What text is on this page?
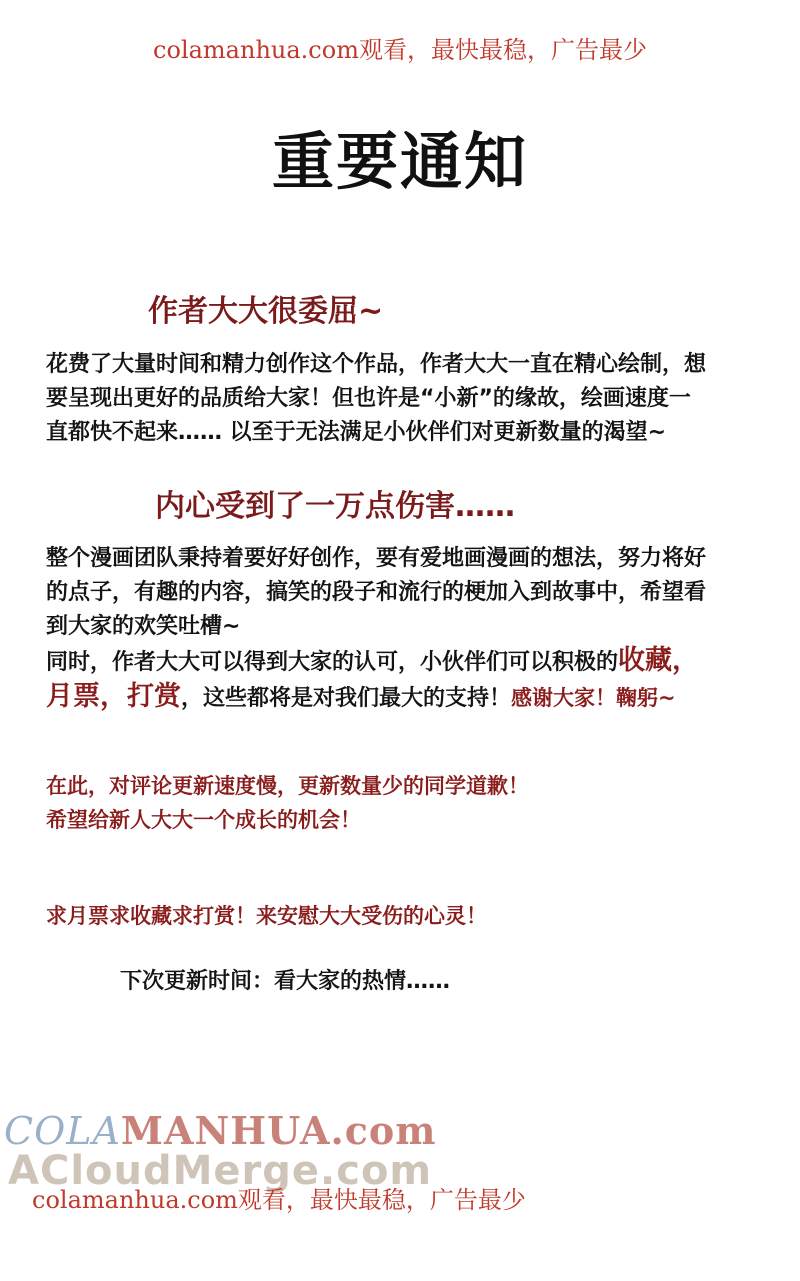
colamanhua.com观看，最快最稳，广告最少
重要通知
作者大大很委屈~
花费了大量时间和精力创作这个作品，作者大大一直在精心绘制，想
要呈现出更好的品质给大家！但也许是“小新”的缘故，绘画速度一
直都快不起来…… 以至于无法满足小伙伴们对更新数量的渴望~
内心受到了一万点伤害……
整个漫画团队秉持着要好好创作，要有爱地画漫画的想法，努力将好
的点子，有趣的内容，搞笑的段子和流行的梗加入到故事中，希望看
到大家的欢笑吐槽~
同时，作者大大可以得到大家的认可，小伙伴们可以积极的收藏，
月票，打赏，这些都将是对我们最大的支持！感谢大家！鞠躬~
在此，对评论更新速度慢，更新数量少的同学道歉！
希望给新人大大一个成长的机会！
求月票求收藏求打赏！来安慰大大受伤的心灵！
下次更新时间：看大家的热情……
COLAMANHUA.com
ACloudMerge.com
colamanhua.com观看，最快最稳，广告最少
